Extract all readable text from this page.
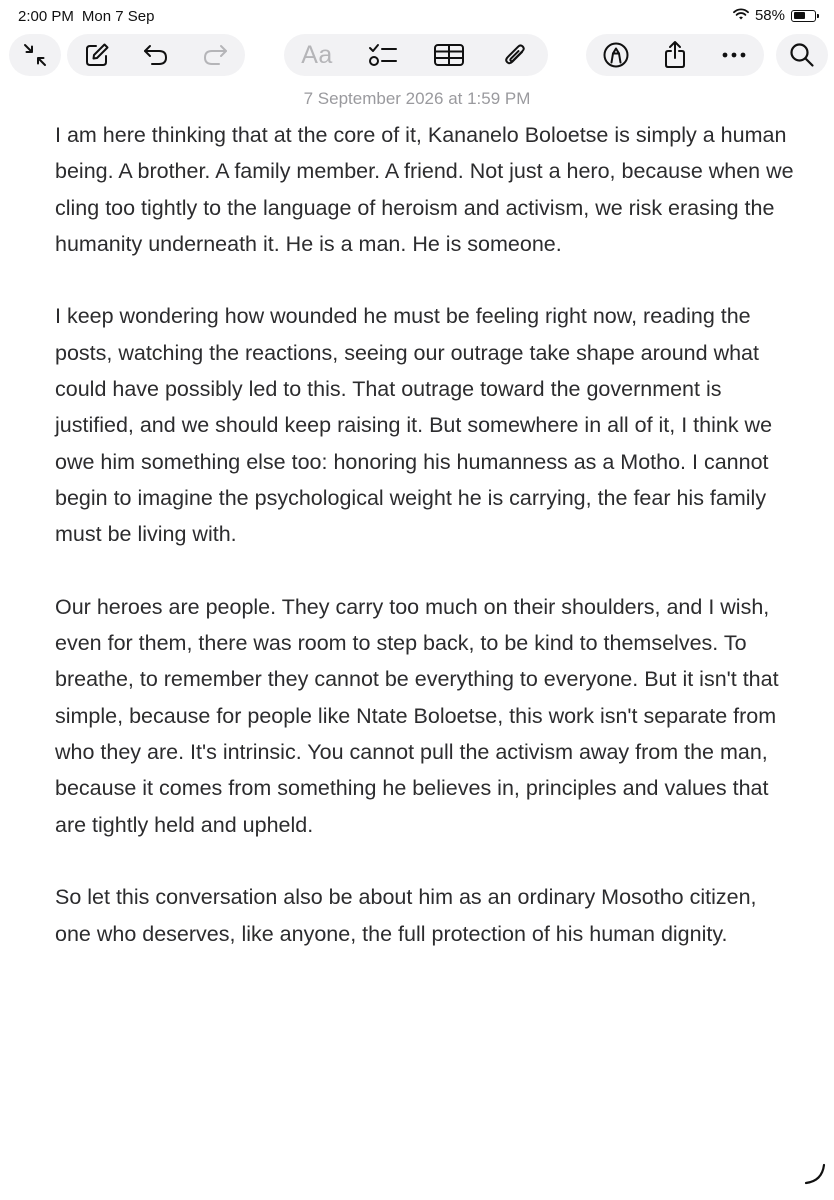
2:00 PM Mon 7 Sep	58%
Aa
7 September 2026 at 1:59 PM

I am here thinking that at the core of it, Kananelo Boloetse is simply a human being. A brother. A family member. A friend. Not just a hero, because when we cling too tightly to the language of heroism and activism, we risk erasing the humanity underneath it. He is a man. He is someone.

I keep wondering how wounded he must be feeling right now, reading the posts, watching the reactions, seeing our outrage take shape around what could have possibly led to this. That outrage toward the government is justified, and we should keep raising it. But somewhere in all of it, I think we owe him something else too: honoring his humanness as a Motho. I cannot begin to imagine the psychological weight he is carrying, the fear his family must be living with.

Our heroes are people. They carry too much on their shoulders, and I wish, even for them, there was room to step back, to be kind to themselves. To breathe, to remember they cannot be everything to everyone. But it isn't that simple, because for people like Ntate Boloetse, this work isn't separate from who they are. It's intrinsic. You cannot pull the activism away from the man, because it comes from something he believes in, principles and values that are tightly held and upheld.

So let this conversation also be about him as an ordinary Mosotho citizen, one who deserves, like anyone, the full protection of his human dignity.
